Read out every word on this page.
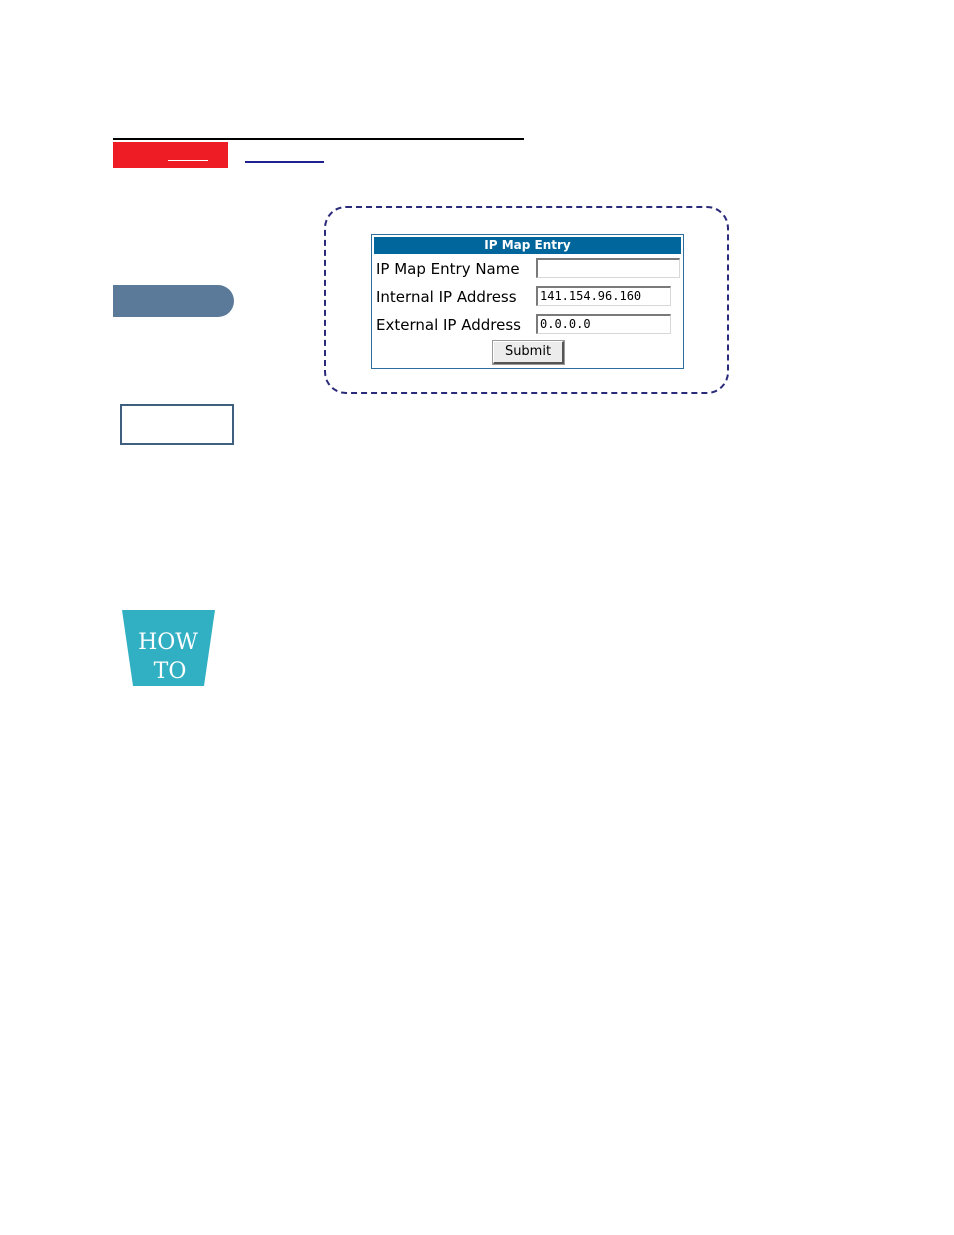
HOW
TO
IP Map Entry
IP Map Entry Name
Internal IP Address	141.154.96.160
External IP Address	0.0.0.0
Submit
